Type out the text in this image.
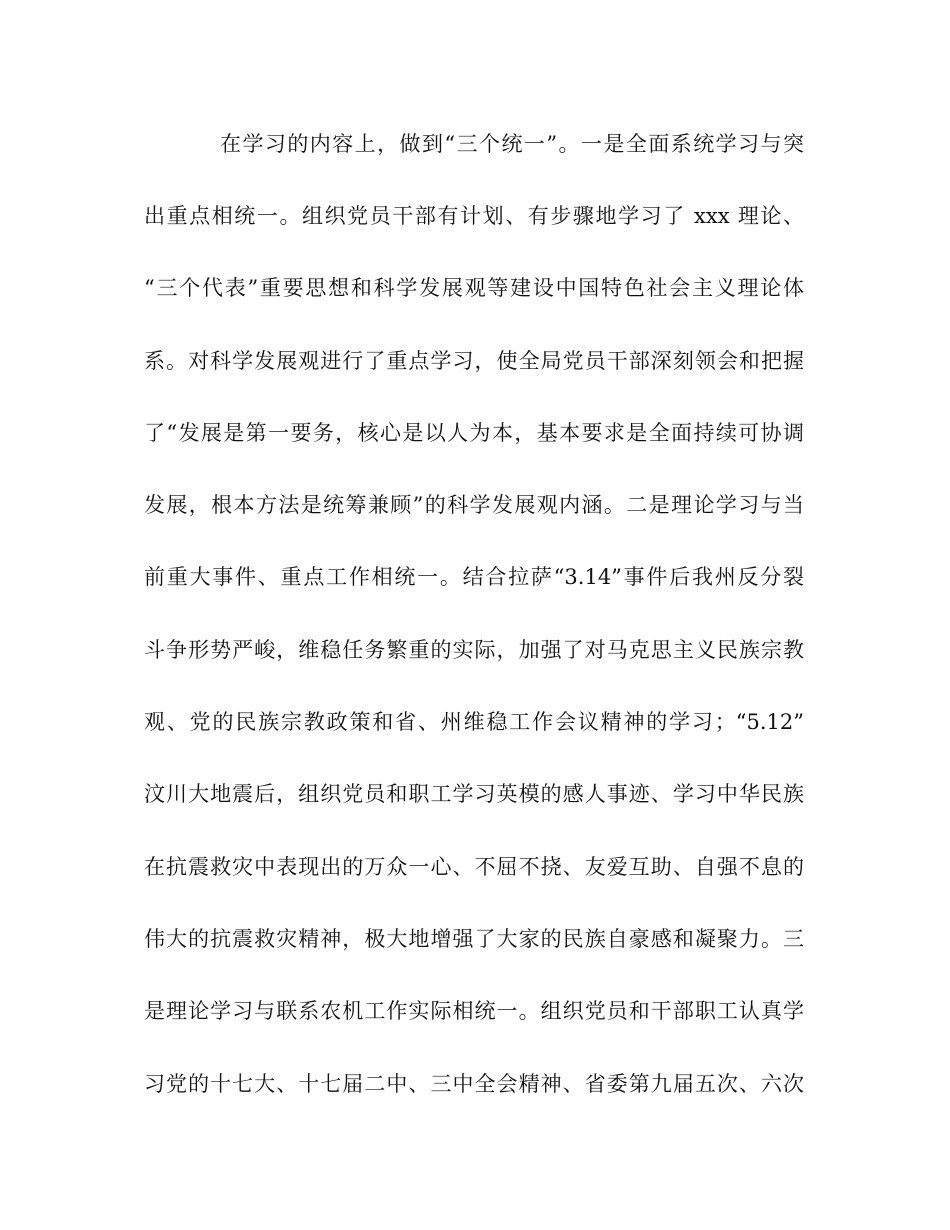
在学习的内容上，做到“三个统一”。一是全面系统学习与突
出重点相统一。组织党员干部有计划、有步骤地学习了 xxx 理论、
“三个代表”重要思想和科学发展观等建设中国特色社会主义理论体
系。对科学发展观进行了重点学习，使全局党员干部深刻领会和把握
了“发展是第一要务，核心是以人为本，基本要求是全面持续可协调
发展，根本方法是统筹兼顾”的科学发展观内涵。二是理论学习与当
前重大事件、重点工作相统一。结合拉萨“3.14”事件后我州反分裂
斗争形势严峻，维稳任务繁重的实际，加强了对马克思主义民族宗教
观、党的民族宗教政策和省、州维稳工作会议精神的学习；“5.12”
汶川大地震后，组织党员和职工学习英模的感人事迹、学习中华民族
在抗震救灾中表现出的万众一心、不屈不挠、友爱互助、自强不息的
伟大的抗震救灾精神，极大地增强了大家的民族自豪感和凝聚力。三
是理论学习与联系农机工作实际相统一。组织党员和干部职工认真学
习党的十七大、十七届二中、三中全会精神、省委第九届五次、六次
